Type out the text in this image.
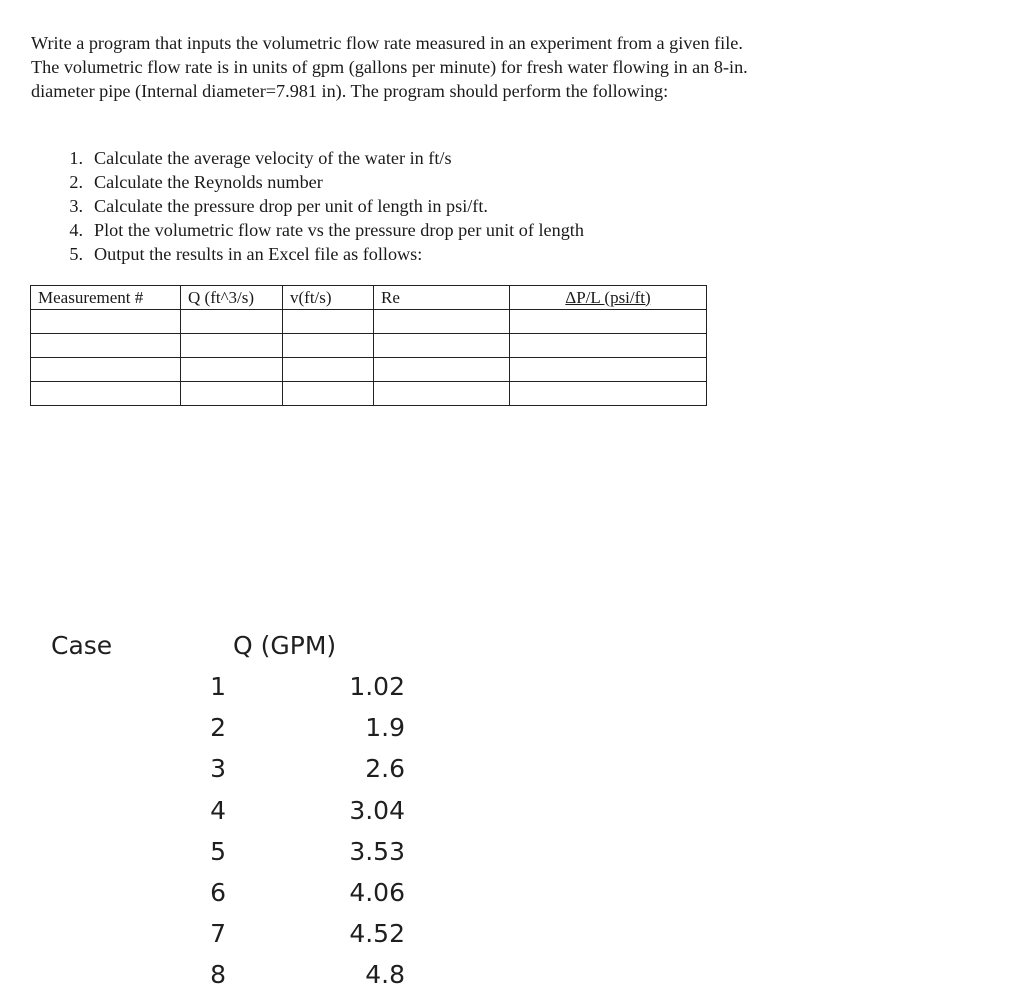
Write a program that inputs the volumetric flow rate measured in an experiment from a given file. The volumetric flow rate is in units of gpm (gallons per minute) for fresh water flowing in an 8-in. diameter pipe (Internal diameter=7.981 in). The program should perform the following:

1. Calculate the average velocity of the water in ft/s
2. Calculate the Reynolds number
3. Calculate the pressure drop per unit of length in psi/ft.
4. Plot the volumetric flow rate vs the pressure drop per unit of length
5. Output the results in an Excel file as follows:
Measurement #	Q (ft^3/s)	v(ft/s)	Re	ΔP/L (psi/ft)

Case	Q (GPM)
1	1.02
2	1.9
3	2.6
4	3.04
5	3.53
6	4.06
7	4.52
8	4.8
